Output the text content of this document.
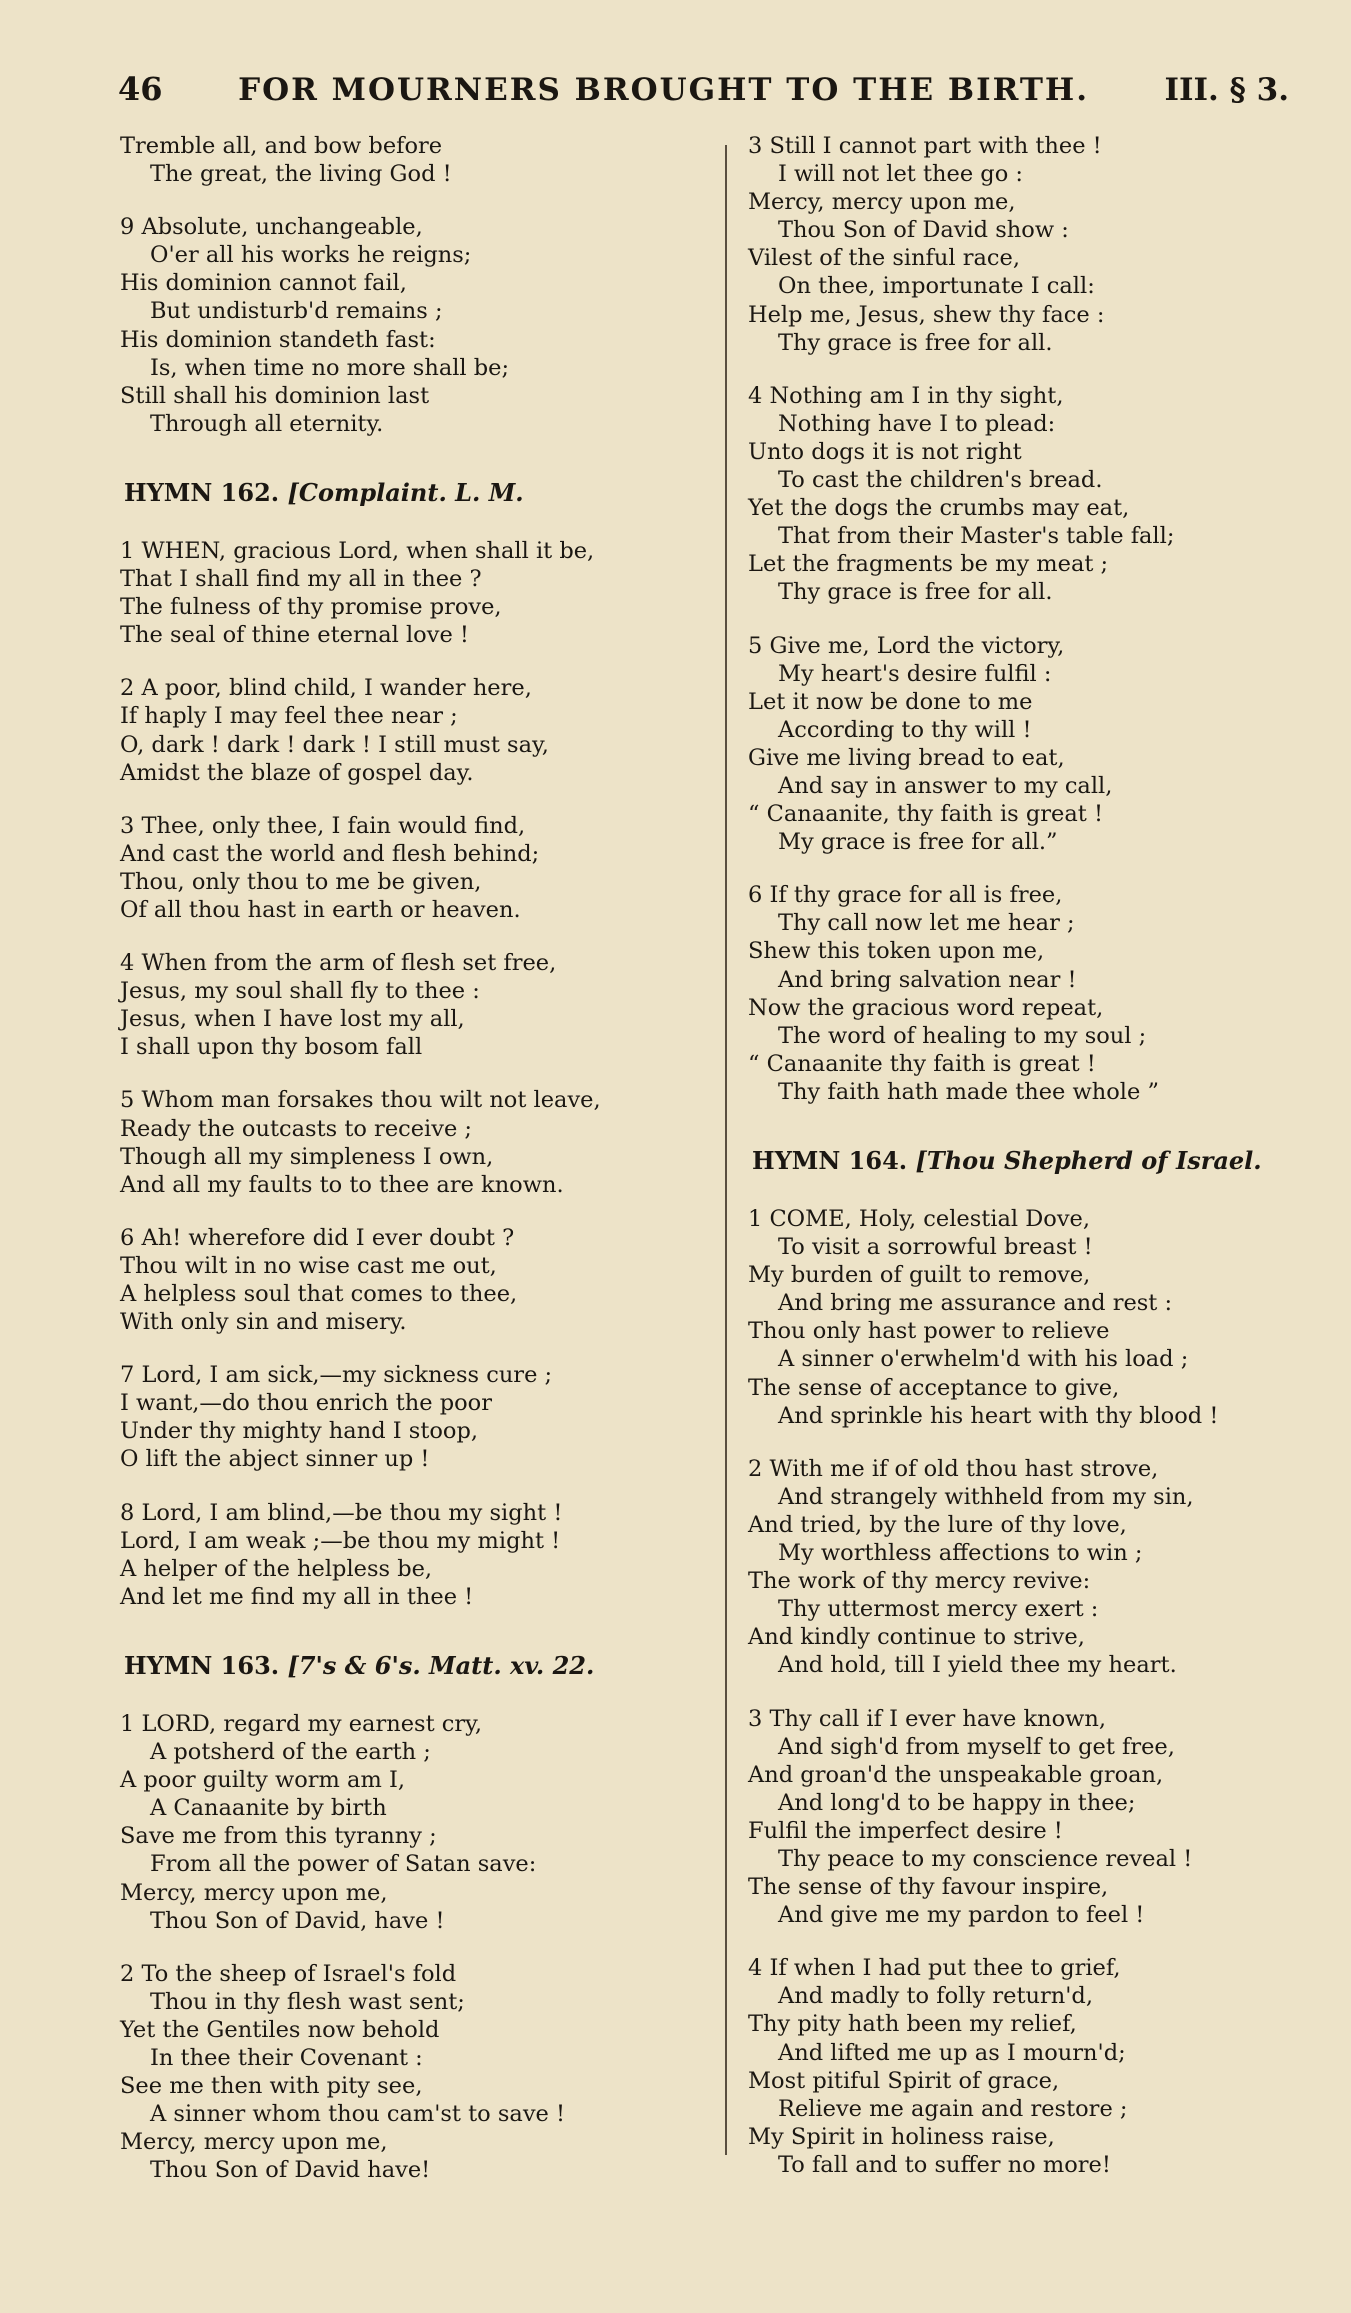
46 FOR MOURNERS BROUGHT TO THE BIRTH. III. § 3.
Tremble all, and bow before
The great, the living God !
9 Absolute, unchangeable,
O'er all his works he reigns;
His dominion cannot fail,
But undisturb'd remains ;
His dominion standeth fast:
Is, when time no more shall be;
Still shall his dominion last
Through all eternity.
HYMN 162. [Complaint. L. M.
1 WHEN, gracious Lord, when shall it be,
That I shall find my all in thee ?
The fulness of thy promise prove,
The seal of thine eternal love !
2 A poor, blind child, I wander here,
If haply I may feel thee near ;
O, dark ! dark ! dark ! I still must say,
Amidst the blaze of gospel day.
3 Thee, only thee, I fain would find,
And cast the world and flesh behind;
Thou, only thou to me be given,
Of all thou hast in earth or heaven.
4 When from the arm of flesh set free,
Jesus, my soul shall fly to thee :
Jesus, when I have lost my all,
I shall upon thy bosom fall
5 Whom man forsakes thou wilt not leave,
Ready the outcasts to receive ;
Though all my simpleness I own,
And all my faults to to thee are known.
6 Ah! wherefore did I ever doubt ?
Thou wilt in no wise cast me out,
A helpless soul that comes to thee,
With only sin and misery.
7 Lord, I am sick,—my sickness cure ;
I want,—do thou enrich the poor
Under thy mighty hand I stoop,
O lift the abject sinner up !
8 Lord, I am blind,—be thou my sight !
Lord, I am weak ;—be thou my might !
A helper of the helpless be,
And let me find my all in thee !
HYMN 163. [7's & 6's. Matt. xv. 22.
1 LORD, regard my earnest cry,
A potsherd of the earth ;
A poor guilty worm am I,
A Canaanite by birth
Save me from this tyranny ;
From all the power of Satan save:
Mercy, mercy upon me,
Thou Son of David, have !
2 To the sheep of Israel's fold
Thou in thy flesh wast sent;
Yet the Gentiles now behold
In thee their Covenant :
See me then with pity see,
A sinner whom thou cam'st to save !
Mercy, mercy upon me,
Thou Son of David have!
3 Still I cannot part with thee !
I will not let thee go :
Mercy, mercy upon me,
Thou Son of David show :
Vilest of the sinful race,
On thee, importunate I call:
Help me, Jesus, shew thy face :
Thy grace is free for all.
4 Nothing am I in thy sight,
Nothing have I to plead:
Unto dogs it is not right
To cast the children's bread.
Yet the dogs the crumbs may eat,
That from their Master's table fall;
Let the fragments be my meat ;
Thy grace is free for all.
5 Give me, Lord the victory,
My heart's desire fulfil :
Let it now be done to me
According to thy will !
Give me living bread to eat,
And say in answer to my call,
“ Canaanite, thy faith is great !
My grace is free for all.”
6 If thy grace for all is free,
Thy call now let me hear ;
Shew this token upon me,
And bring salvation near !
Now the gracious word repeat,
The word of healing to my soul ;
“ Canaanite thy faith is great !
Thy faith hath made thee whole ”
HYMN 164. [Thou Shepherd of Israel.
1 COME, Holy, celestial Dove,
To visit a sorrowful breast !
My burden of guilt to remove,
And bring me assurance and rest :
Thou only hast power to relieve
A sinner o'erwhelm'd with his load ;
The sense of acceptance to give,
And sprinkle his heart with thy blood !
2 With me if of old thou hast strove,
And strangely withheld from my sin,
And tried, by the lure of thy love,
My worthless affections to win ;
The work of thy mercy revive:
Thy uttermost mercy exert :
And kindly continue to strive,
And hold, till I yield thee my heart.
3 Thy call if I ever have known,
And sigh'd from myself to get free,
And groan'd the unspeakable groan,
And long'd to be happy in thee;
Fulfil the imperfect desire !
Thy peace to my conscience reveal !
The sense of thy favour inspire,
And give me my pardon to feel !
4 If when I had put thee to grief,
And madly to folly return'd,
Thy pity hath been my relief,
And lifted me up as I mourn'd;
Most pitiful Spirit of grace,
Relieve me again and restore ;
My Spirit in holiness raise,
To fall and to suffer no more!
